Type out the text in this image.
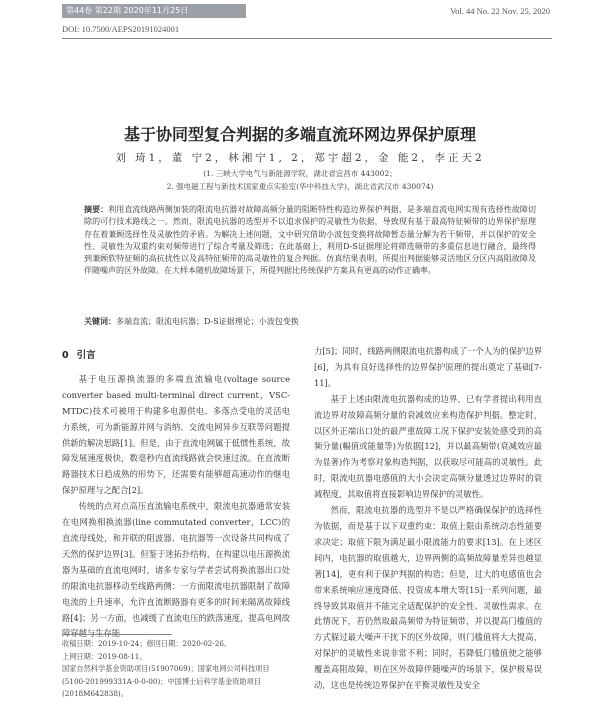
第44卷 第22期 2020年11月25日	Vol. 44 No. 22 Nov. 25, 2020
DOI: 10.7500/AEPS20191024001
基于协同型复合判据的多端直流环网边界保护原理
刘 琦1，董 宁2，林湘宁1, 2，郑宇超2，金 能2，李正天2
(1. 三峡大学电气与新能源学院，湖北省宜昌市 443002；
2. 强电磁工程与新技术国家重点实验室(华中科技大学)，湖北省武汉市 430074)
摘要：利用直流线路两侧加装的限流电抗器对故障高频分量的阻断特性构造边界保护判据，是多端直流电网实现有选择性故障切除的可行技术路线之一。然而，限流电抗器的选型并不以追求保护的灵敏性为依据，导致现有基于最高特征频带的边界保护原理存在着兼顾选择性及灵敏性的矛盾。为解决上述问题，文中研究借助小波包变换将故障暂态量分解为若干频带，并以保护的安全性、灵敏性为双重约束对频带进行了综合考量及筛选；在此基础上，利用D-S证据理论将筛选频带的多重信息进行融合，最终得到兼顾软特征频的高抗扰性以及高特征频带的高灵敏性的复合判据。仿真结果表明，所提出判据能够灵活地区分区内高阻故障及伴随噪声的区外故障。在大样本随机故障场景下，所提判据比传统保护方案具有更高的动作正确率。
关键词：多端直流；限流电抗器；D-S证据理论；小波包变换
0 引言

基于电压源换流器的多端直流输电(voltage source converter based multi-terminal direct current，VSC-MTDC)技术可被用于构建多电源供电、多落点受电的灵活电力系统，可为新能源并网与消纳、交流电网异步互联等问题提供新的解决思路[1]。但是，由于直流电网属于低惯性系统，故障发展速度极快，数毫秒内直流线路就会快速过流。在直流断路器技术日趋成熟的形势下，还需要有能够超高速动作的继电保护原理与之配合[2]。

传统的点对点高压直流输电系统中，限流电抗器通常安装在电网换相换流器(line commutated converter，LCC)的直流母线处，和并联的阻波器、电抗器等一次设备共同构成了天然的保护边界[3]。但鉴于迷拓扑结构，在构建以电压源换流器为基础的直流电网时，诸多专家与学者尝试将换流器出口处的限流电抗器移动至线路两侧：一方面限流电抗器限制了故障电流的上升速率，允许直流断路器有更多的时间来隔离故障线路[4]；另一方面，也减缓了直流电压的跌落速度，提高电网故障穿越与生存能

力[5]；同时，线路两侧限流电抗器构成了一个人为的保护边界[6]，为具有良好选择性的边界保护原理的提出奠定了基础[7-11]。

基于上述由限流电抗器构成的边界，已有学者提出利用直流边界对故障高频分量的衰减效应来构造保护判据。整定时，以区外正端出口处的最严重故障工况下保护安装处感受到的高频分量(幅值或能量等)为依据[12]，并以最高频带(衰减效应最为显著)作为考察对象构造判据，以获取尽可能高的灵敏性。此时，限流电抗器电感值的大小会决定高频分量透过边界时的衰减程度，其取值将直接影响边界保护的灵敏性。

然而，限流电抗器的选型并不是以严格确保保护的选择性为依据，而是基于以下双重约束：取值上限由系统动态性能要求决定；取值下限为满足最小限流能力的要求[13]。在上述区间内，电抗器的取值越大，边界两侧的高频故障量差异也越显著[14]，更有利于保护判据的构造；但是，过大的电感值也会带来系统响应速度降低、投资成本增大等[15]一系列问题，最终导致其取值并不能完全适配保护的安全性、灵敏性需求。在此情况下，若仍然取最高频带为特征频带，并以提高门槛值的方式躲过最大噪声干扰下的区外故障，则门槛值将大大提高，对保护的灵敏性来说非常不利；同时，若降低门槛值使之能够覆盖高阻故障，则在区外故障伴随噪声的场景下，保护极易误动，这也是传统边界保护在平衡灵敏性及安全

收稿日期：2019-10-24；修回日期：2020-02-26。
上网日期：2019-08-11。
国家自然科学基金资助项目(51907069)；国家电网公司科技项目(5100-201999331A-0-0-00)；中国博士后科学基金资助项目(2018M642838)。
